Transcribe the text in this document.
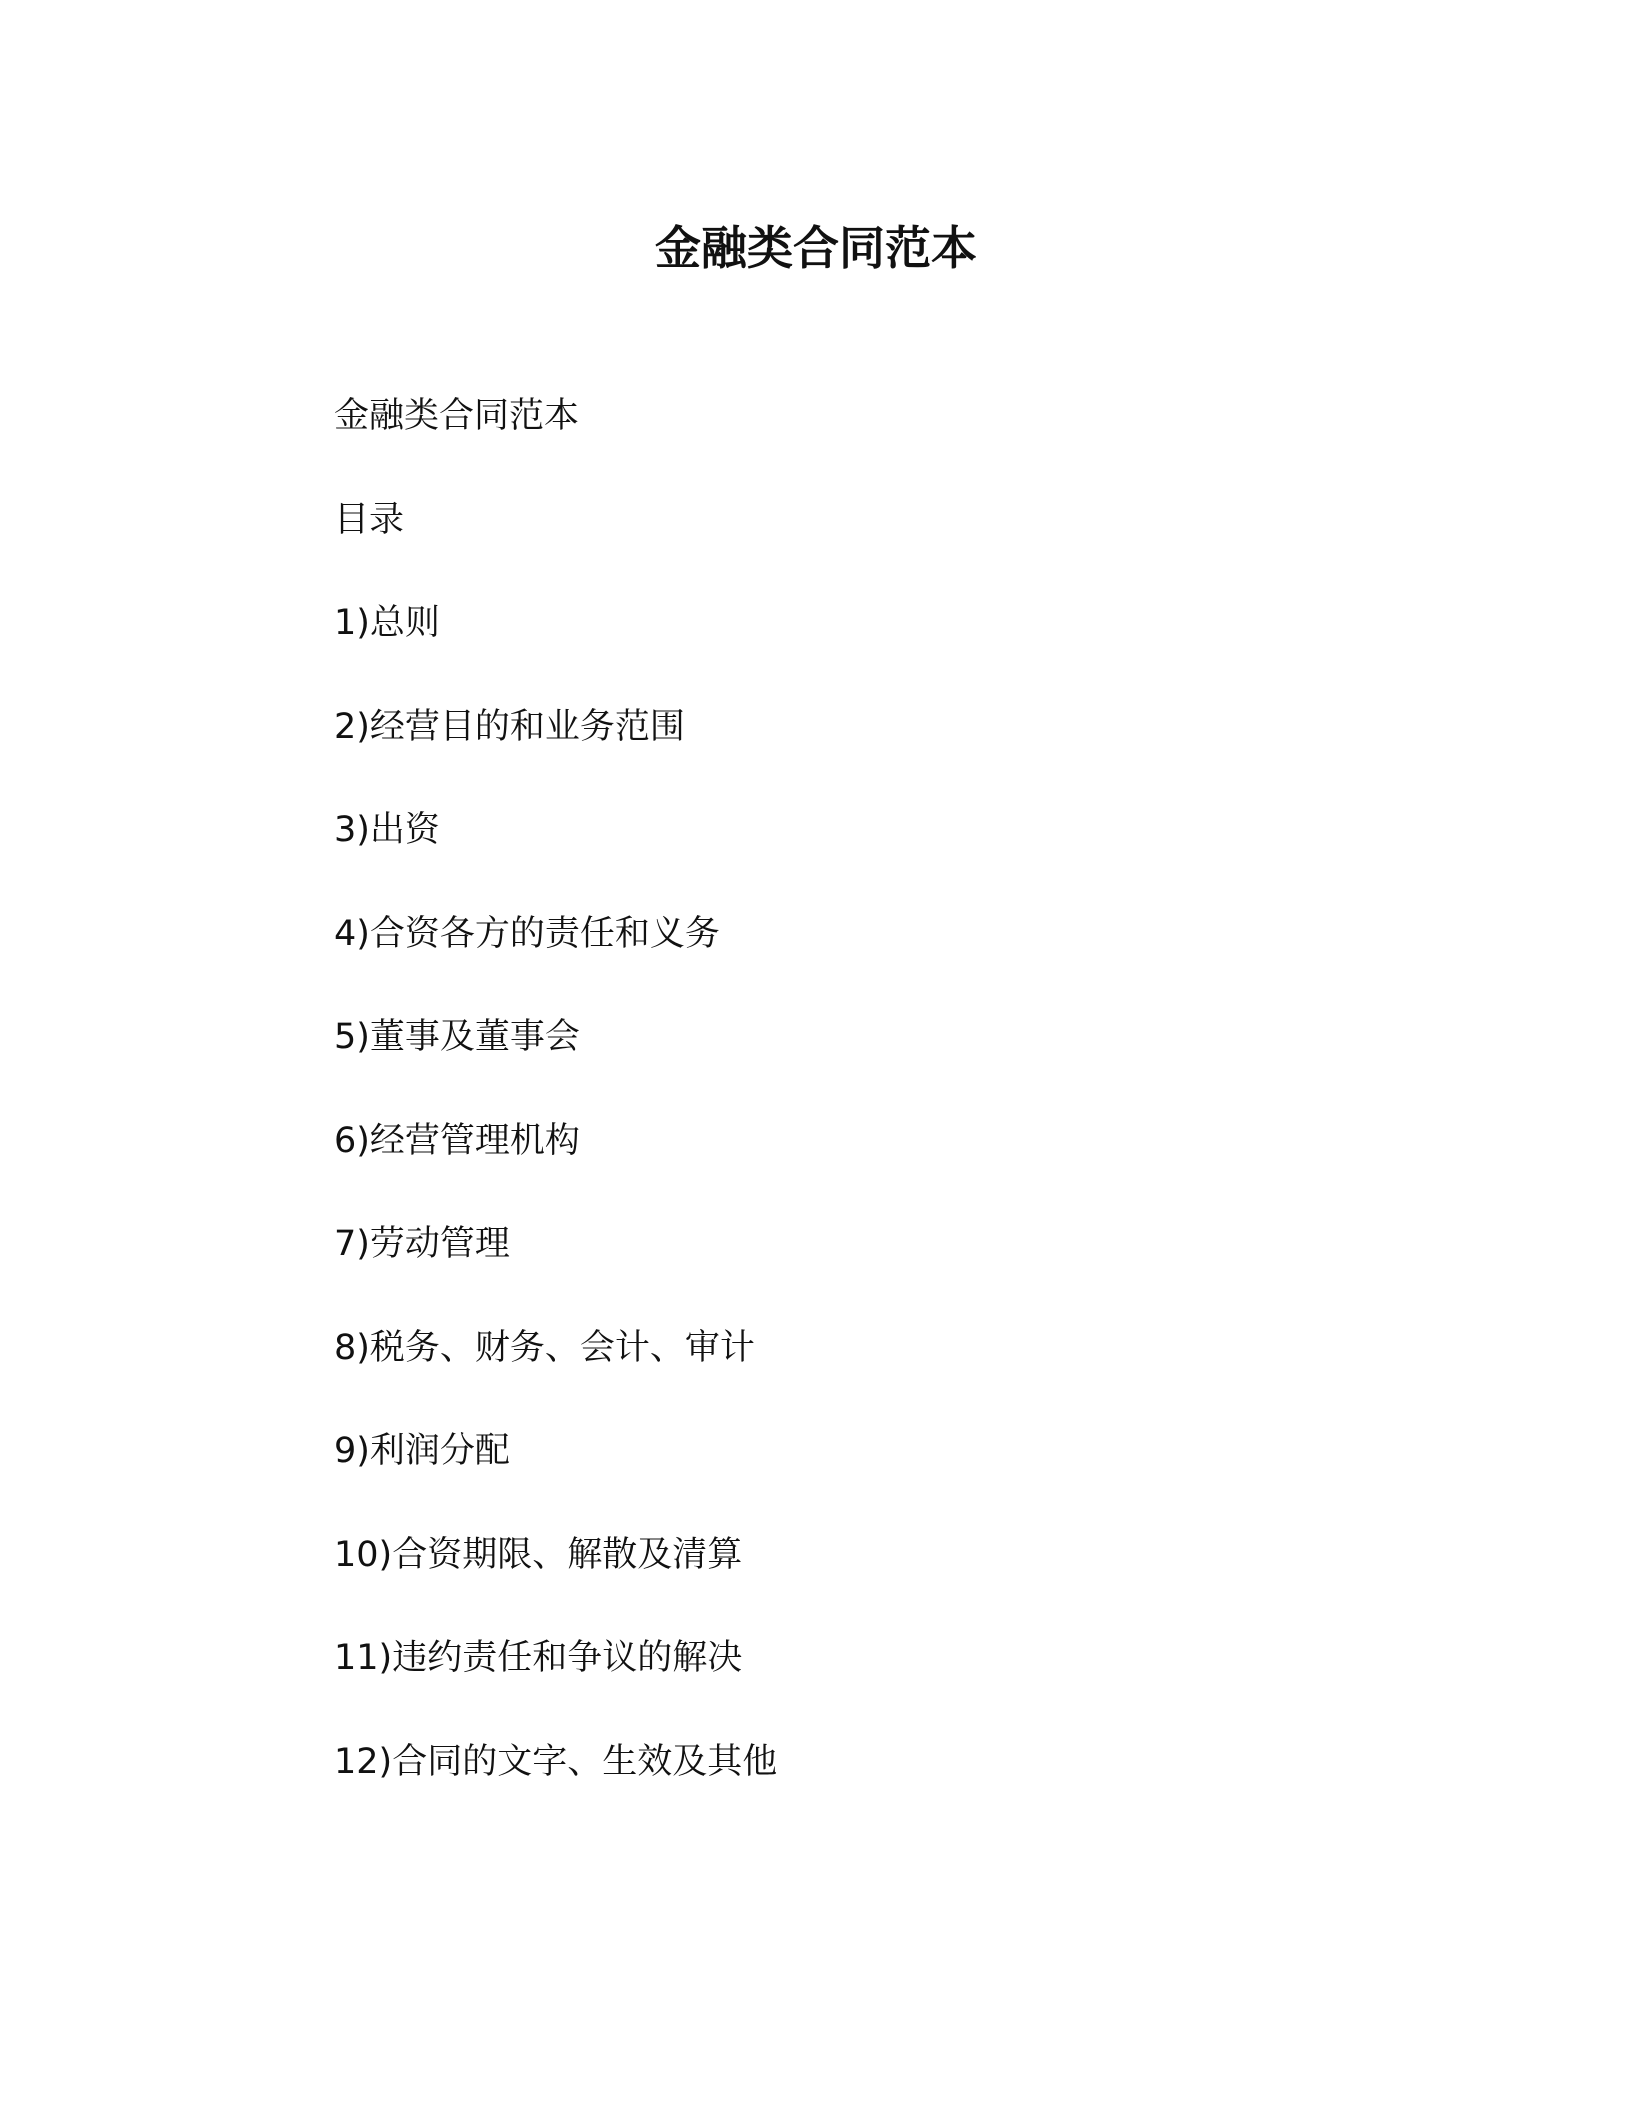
金融类合同范本

金融类合同范本

目录

1)总则

2)经营目的和业务范围

3)出资

4)合资各方的责任和义务

5)董事及董事会

6)经营管理机构

7)劳动管理

8)税务、财务、会计、审计

9)利润分配

10)合资期限、解散及清算

11)违约责任和争议的解决

12)合同的文字、生效及其他
